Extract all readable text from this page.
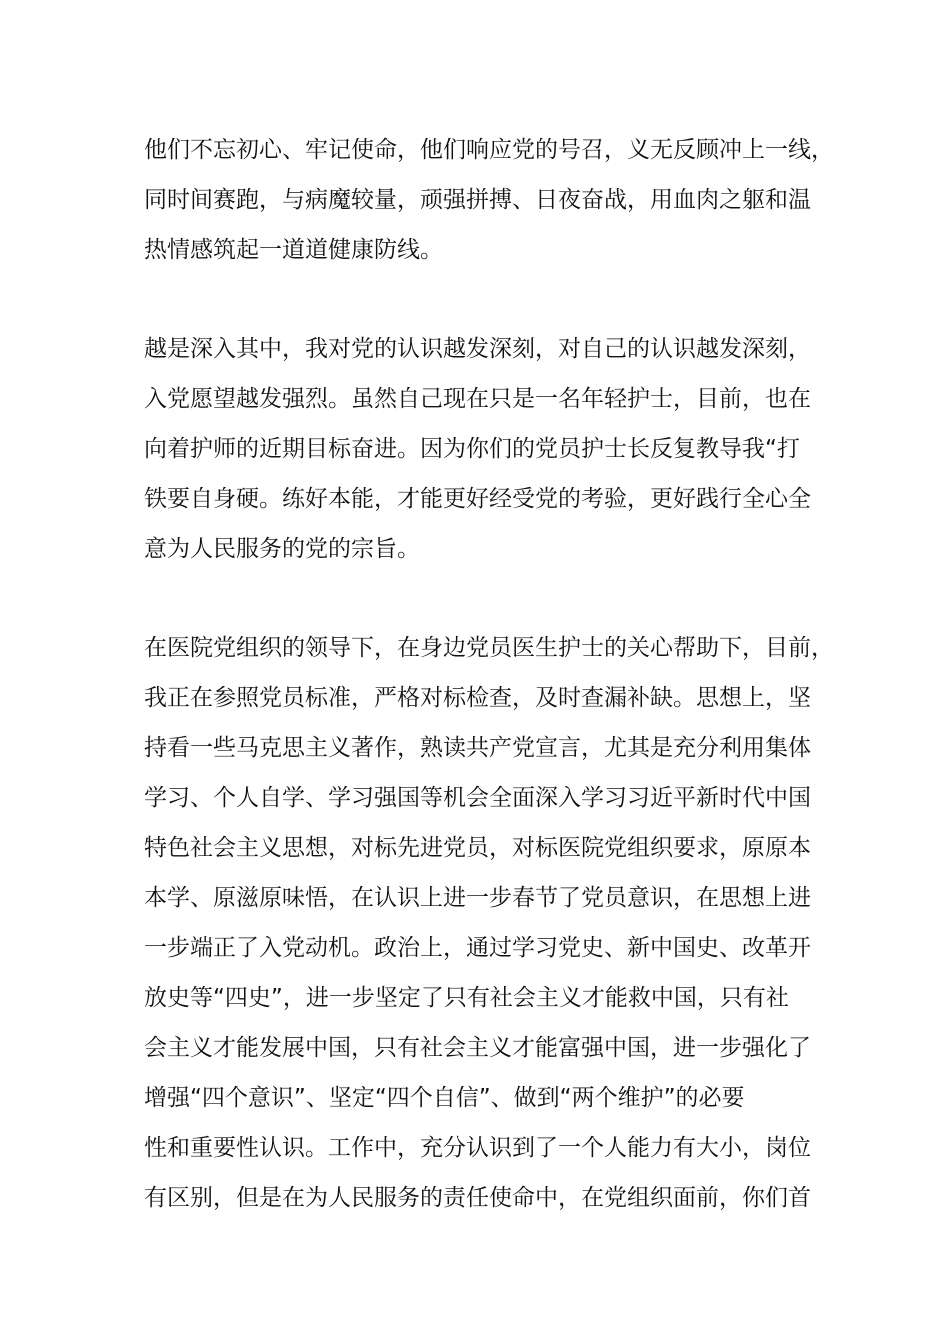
他们不忘初心、牢记使命，他们响应党的号召，义无反顾冲上一线，
同时间赛跑，与病魔较量，顽强拼搏、日夜奋战，用血肉之躯和温
热情感筑起一道道健康防线。
越是深入其中，我对党的认识越发深刻，对自己的认识越发深刻，
入党愿望越发强烈。虽然自己现在只是一名年轻护士，目前，也在
向着护师的近期目标奋进。因为你们的党员护士长反复教导我“打
铁要自身硬。练好本能，才能更好经受党的考验，更好践行全心全
意为人民服务的党的宗旨。
在医院党组织的领导下，在身边党员医生护士的关心帮助下，目前，
我正在参照党员标准，严格对标检查，及时查漏补缺。思想上，坚
持看一些马克思主义著作，熟读共产党宣言，尤其是充分利用集体
学习、个人自学、学习强国等机会全面深入学习习近平新时代中国
特色社会主义思想，对标先进党员，对标医院党组织要求，原原本
本学、原滋原味悟，在认识上进一步春节了党员意识，在思想上进
一步端正了入党动机。政治上，通过学习党史、新中国史、改革开
放史等“四史”，进一步坚定了只有社会主义才能救中国，只有社
会主义才能发展中国，只有社会主义才能富强中国，进一步强化了
增强“四个意识”、坚定“四个自信”、做到“两个维护”的必要
性和重要性认识。工作中，充分认识到了一个人能力有大小，岗位
有区别，但是在为人民服务的责任使命中，在党组织面前，你们首
